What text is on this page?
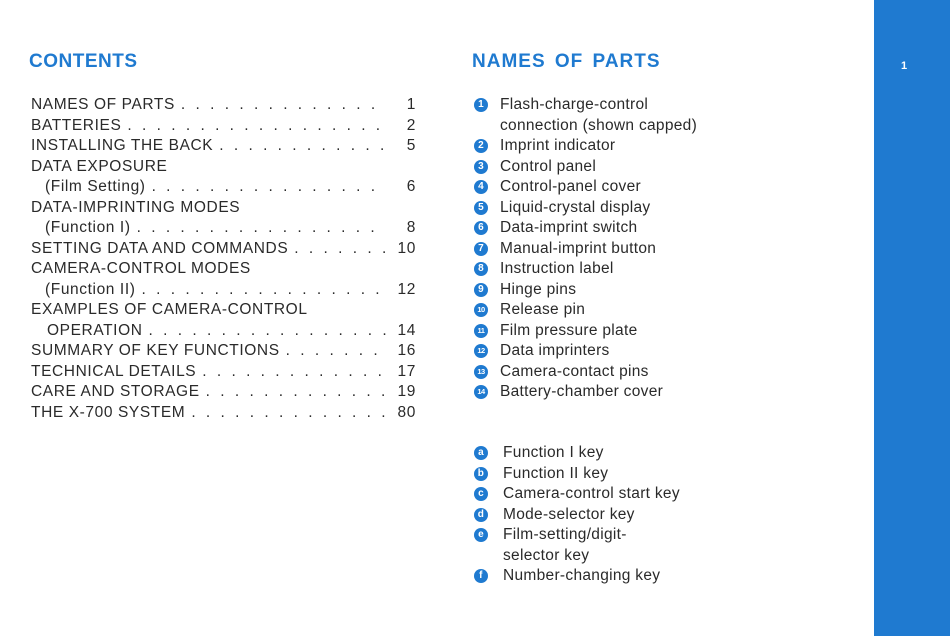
1
CONTENTS
NAMES OF PARTS . . .	1
BATTERIES . . .	2
INSTALLING THE BACK . . .	5
DATA EXPOSURE
(Film Setting) . . .	6
DATA-IMPRINTING MODES
(Function I) . . .	8
SETTING DATA AND COMMANDS . . .	10
CAMERA-CONTROL MODES
(Function II) . . .	12
EXAMPLES OF CAMERA-CONTROL
OPERATION . . .	14
SUMMARY OF KEY FUNCTIONS . . .	16
TECHNICAL DETAILS . . .	17
CARE AND STORAGE . . .	19
THE X-700 SYSTEM . . .	80
NAMES OF PARTS
1 Flash-charge-control
connection (shown capped)
2 Imprint indicator
3 Control panel
4 Control-panel cover
5 Liquid-crystal display
6 Data-imprint switch
7 Manual-imprint button
8 Instruction label
9 Hinge pins
10 Release pin
11 Film pressure plate
12 Data imprinters
13 Camera-contact pins
14 Battery-chamber cover
a Function I key
b Function II key
c Camera-control start key
d Mode-selector key
e Film-setting/digit-
selector key
f	Number-changing key
